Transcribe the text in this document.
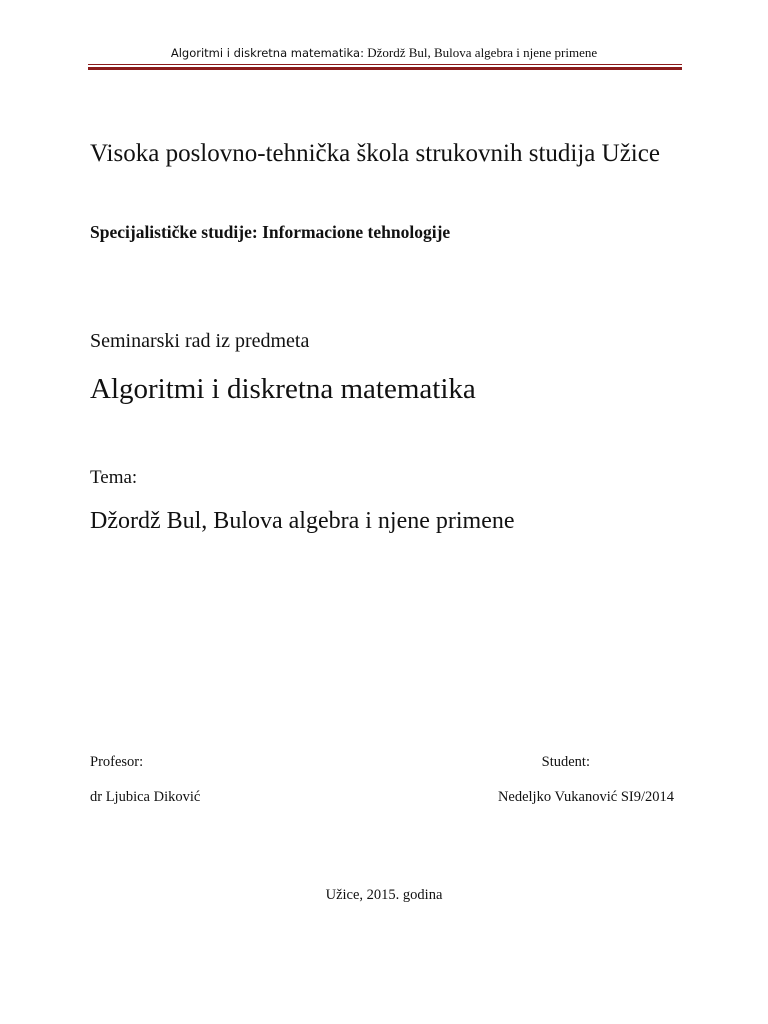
Algoritmi i diskretna matematika: Džordž Bul, Bulova algebra i njene primene
Visoka poslovno-tehnička škola strukovnih studija Užice
Specijalističke studije: Informacione tehnologije
Seminarski rad iz predmeta
Algoritmi i diskretna matematika
Tema:
Džordž Bul, Bulova algebra i njene primene
Profesor:
dr Ljubica Diković
Student:
Nedeljko Vukanović SI9/2014
Užice, 2015. godina
